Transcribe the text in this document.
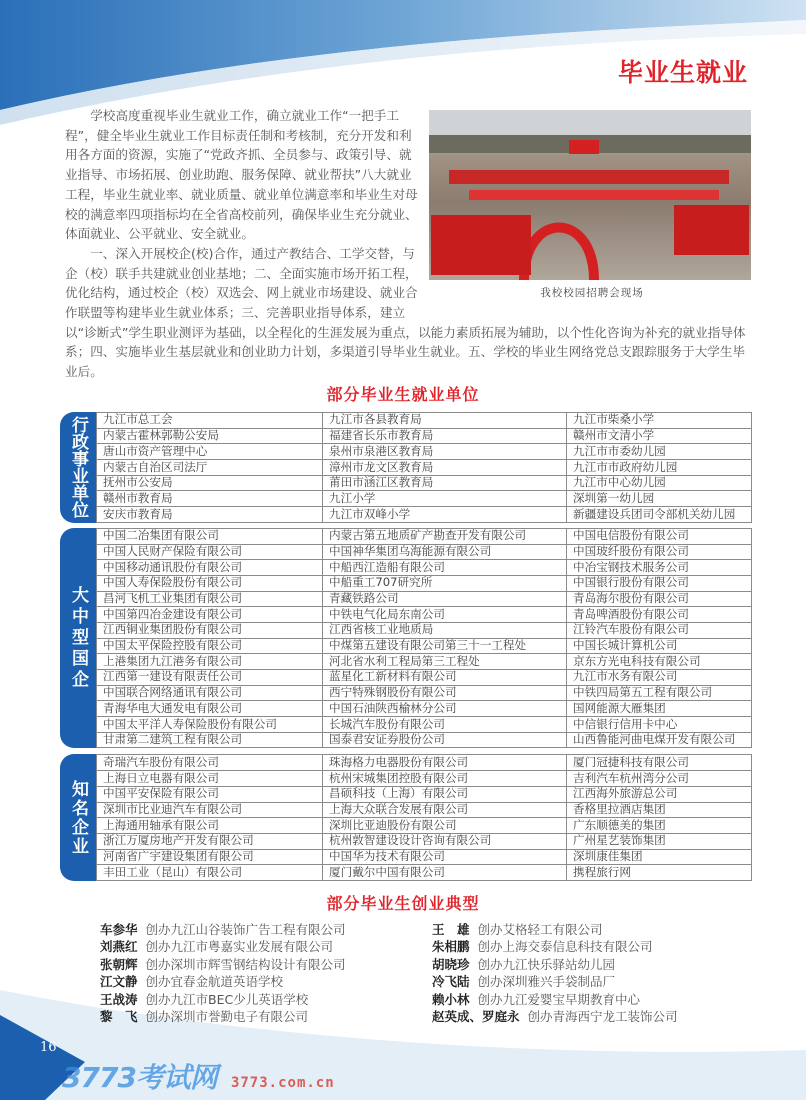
毕业生就业
我校校园招聘会现场

学校高度重视毕业生就业工作，确立就业工作“一把手工程”，健全毕业生就业工作目标责任制和考核制，充分开发和利用各方面的资源，实施了“党政齐抓、全员参与、政策引导、就业指导、市场拓展、创业助跑、服务保障、就业帮扶”八大就业工程，毕业生就业率、就业质量、就业单位满意率和毕业生对母校的满意率四项指标均在全省高校前列，确保毕业生充分就业、体面就业、公平就业、安全就业。

一、深入开展校企(校)合作，通过产教结合、工学交替，与企（校）联手共建就业创业基地；二、全面实施市场开拓工程，优化结构，通过校企（校）双选会、网上就业市场建设、就业合作联盟等构建毕业生就业体系；三、完善职业指导体系，建立以“诊断式”学生职业测评为基础，以全程化的生涯发展为重点，以能力素质拓展为辅助，以个性化咨询为补充的就业指导体系；四、实施毕业生基层就业和创业助力计划，多渠道引导毕业生就业。五、学校的毕业生网络党总支跟踪服务于大学生毕业后。

部分毕业生就业单位
行政事业单位	九江市总工会	九江市各县教育局	九江市柴桑小学
内蒙古霍林郭勒公安局	福建省长乐市教育局	赣州市文清小学
唐山市资产管理中心	泉州市泉港区教育局	九江市市委幼儿园
内蒙古自治区司法厅	漳州市龙文区教育局	九江市市政府幼儿园
抚州市公安局	莆田市涵江区教育局	九江市中心幼儿园
赣州市教育局	九江小学	深圳第一幼儿园
安庆市教育局	九江市双峰小学	新疆建设兵团司令部机关幼儿园
大中型国企
中国二冶集团有限公司	内蒙古第五地质矿产勘查开发有限公司	中国电信股份有限公司
中国人民财产保险有限公司	中国神华集团乌海能源有限公司	中国玻纤股份有限公司
中国移动通讯股份有限公司	中船西江造船有限公司	中冶宝钢技术服务公司
中国人寿保险股份有限公司	中船重工707研究所	中国银行股份有限公司
昌河飞机工业集团有限公司	青藏铁路公司	青岛海尔股份有限公司
中国第四冶金建设有限公司	中铁电气化局东南公司	青岛啤酒股份有限公司
江西铜业集团股份有限公司	江西省核工业地质局	江铃汽车股份有限公司
中国太平保险控股有限公司	中煤第五建设有限公司第三十一工程处	中国长城计算机公司
上港集团九江港务有限公司	河北省水利工程局第三工程处	京东方光电科技有限公司
江西第一建设有限责任公司	蓝星化工新材料有限公司	九江市水务有限公司
中国联合网络通讯有限公司	西宁特殊钢股份有限公司	中铁四局第五工程有限公司
青海华电大通发电有限公司	中国石油陕西榆林分公司	国网能源大雁集团
中国太平洋人寿保险股份有限公司	长城汽车股份有限公司	中信银行信用卡中心
甘肃第二建筑工程有限公司	国泰君安证券股份公司	山西鲁能河曲电煤开发有限公司
知名企业
奇瑞汽车股份有限公司	珠海格力电器股份有限公司	厦门冠捷科技有限公司
上海日立电器有限公司	杭州宋城集团控股有限公司	吉利汽车杭州湾分公司
中国平安保险有限公司	昌硕科技（上海）有限公司	江西海外旅游总公司
深圳市比业迪汽车有限公司	上海大众联合发展有限公司	香格里拉酒店集团
上海通用轴承有限公司	深圳比亚迪股份有限公司	广东顺德美的集团
浙江万厦房地产开发有限公司	杭州敦智建设设计咨询有限公司	广州星艺装饰集团
河南省广宇建设集团有限公司	中国华为技术有限公司	深圳康佳集团
丰田工业（昆山）有限公司	厦门戴尔中国有限公司	携程旅行网
部分毕业生创业典型
车参华 创办九江山谷装饰广告工程有限公司	王　雄 创办艾格轻工有限公司
刘燕红 创办九江市粤嘉实业发展有限公司	朱相鹏 创办上海交泰信息科技有限公司
张朝辉 创办深圳市辉雪钢结构设计有限公司	胡晓珍 创办九江快乐驿站幼儿园
江文静 创办宜春金航道英语学校	冷飞陆 创办深圳雅兴手袋制品厂
王战涛 创办九江市BEC少儿英语学校	赖小林 创办九江爱婴宝早期教育中心
黎　飞 创办深圳市誉勤电子有限公司	赵英成、罗庭永 创办青海西宁龙工装饰公司
16
3773考试网 3773.com.cn
